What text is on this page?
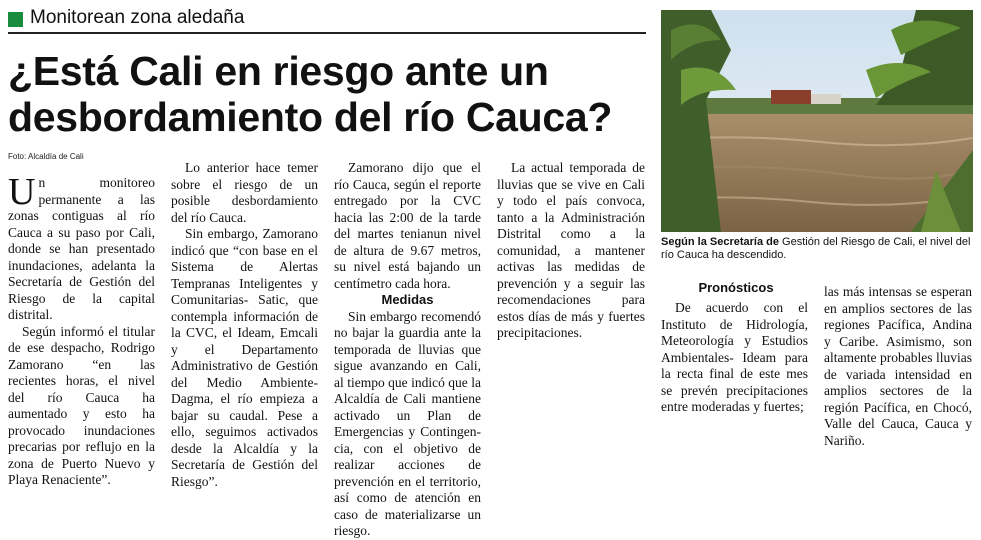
Monitorean zona aledaña
¿Está Cali en riesgo ante un desbordamiento del río Cauca?
Foto: Alcaldía de Cali

Un monitoreo permanente a las zonas contiguas al río Cauca a su paso por Cali, donde se han presentado inundaciones, adelanta la Secretaría de Gestión del Riesgo de la capital distrital.

Según informó el titular de ese despacho, Rodrigo Zamorano “en las recientes horas, el nivel del río Cauca ha aumentado y esto ha provocado inundaciones precarias por reflujo en la zona de Puerto Nuevo y Playa Renaciente”.

Lo anterior hace temer sobre el riesgo de un posible desbordamiento del río Cauca.

Sin embargo, Zamorano indicó que “con base en el Sistema de Alertas Tempranas Inteligentes y Comunitarias- Satic, que contempla información de la CVC, el Ideam, Emcali y el Departamento Administrativo de Gestión del Medio Ambiente- Dagma, el río empieza a bajar su caudal. Pese a ello, seguimos activados desde la Alcaldía y la Secretaría de Gestión del Riesgo”.

Zamorano dijo que el río Cauca, según el reporte entregado por la CVC hacia las 2:00 de la tarde del martes tenianun nivel de altura de 9.67 metros, su nivel está bajando un centímetro cada hora.

Medidas

Sin embargo recomendó no bajar la guardia ante la temporada de lluvias que sigue avanzando en Cali, al tiempo que indicó que la Alcaldía de Cali mantiene activado un Plan de Emergencias y Contingen-cia, con el objetivo de realizar acciones de prevención en el territorio, así como de atención en caso de materializarse un riesgo.

La actual temporada de lluvias que se vive en Cali y todo el país convoca, tanto a la Administración Distrital como a la comunidad, a mantener activas las medidas de prevención y a seguir las recomendaciones para estos días de más y fuertes precipitaciones.

Según la Secretaría de Gestión del Riesgo de Cali, el nivel del río Cauca ha descendido.
Pronósticos

De acuerdo con el Instituto de Hidrología, Meteorología y Estudios Ambientales- Ideam para la recta final de este mes se prevén precipitaciones entre moderadas y fuertes;

las más intensas se esperan en amplios sectores de las regiones Pacífica, Andina y Caribe. Asimismo, son altamente probables lluvias de variada intensidad en amplios sectores de la región Pacífica, en Chocó, Valle del Cauca, Cauca y Nariño.
